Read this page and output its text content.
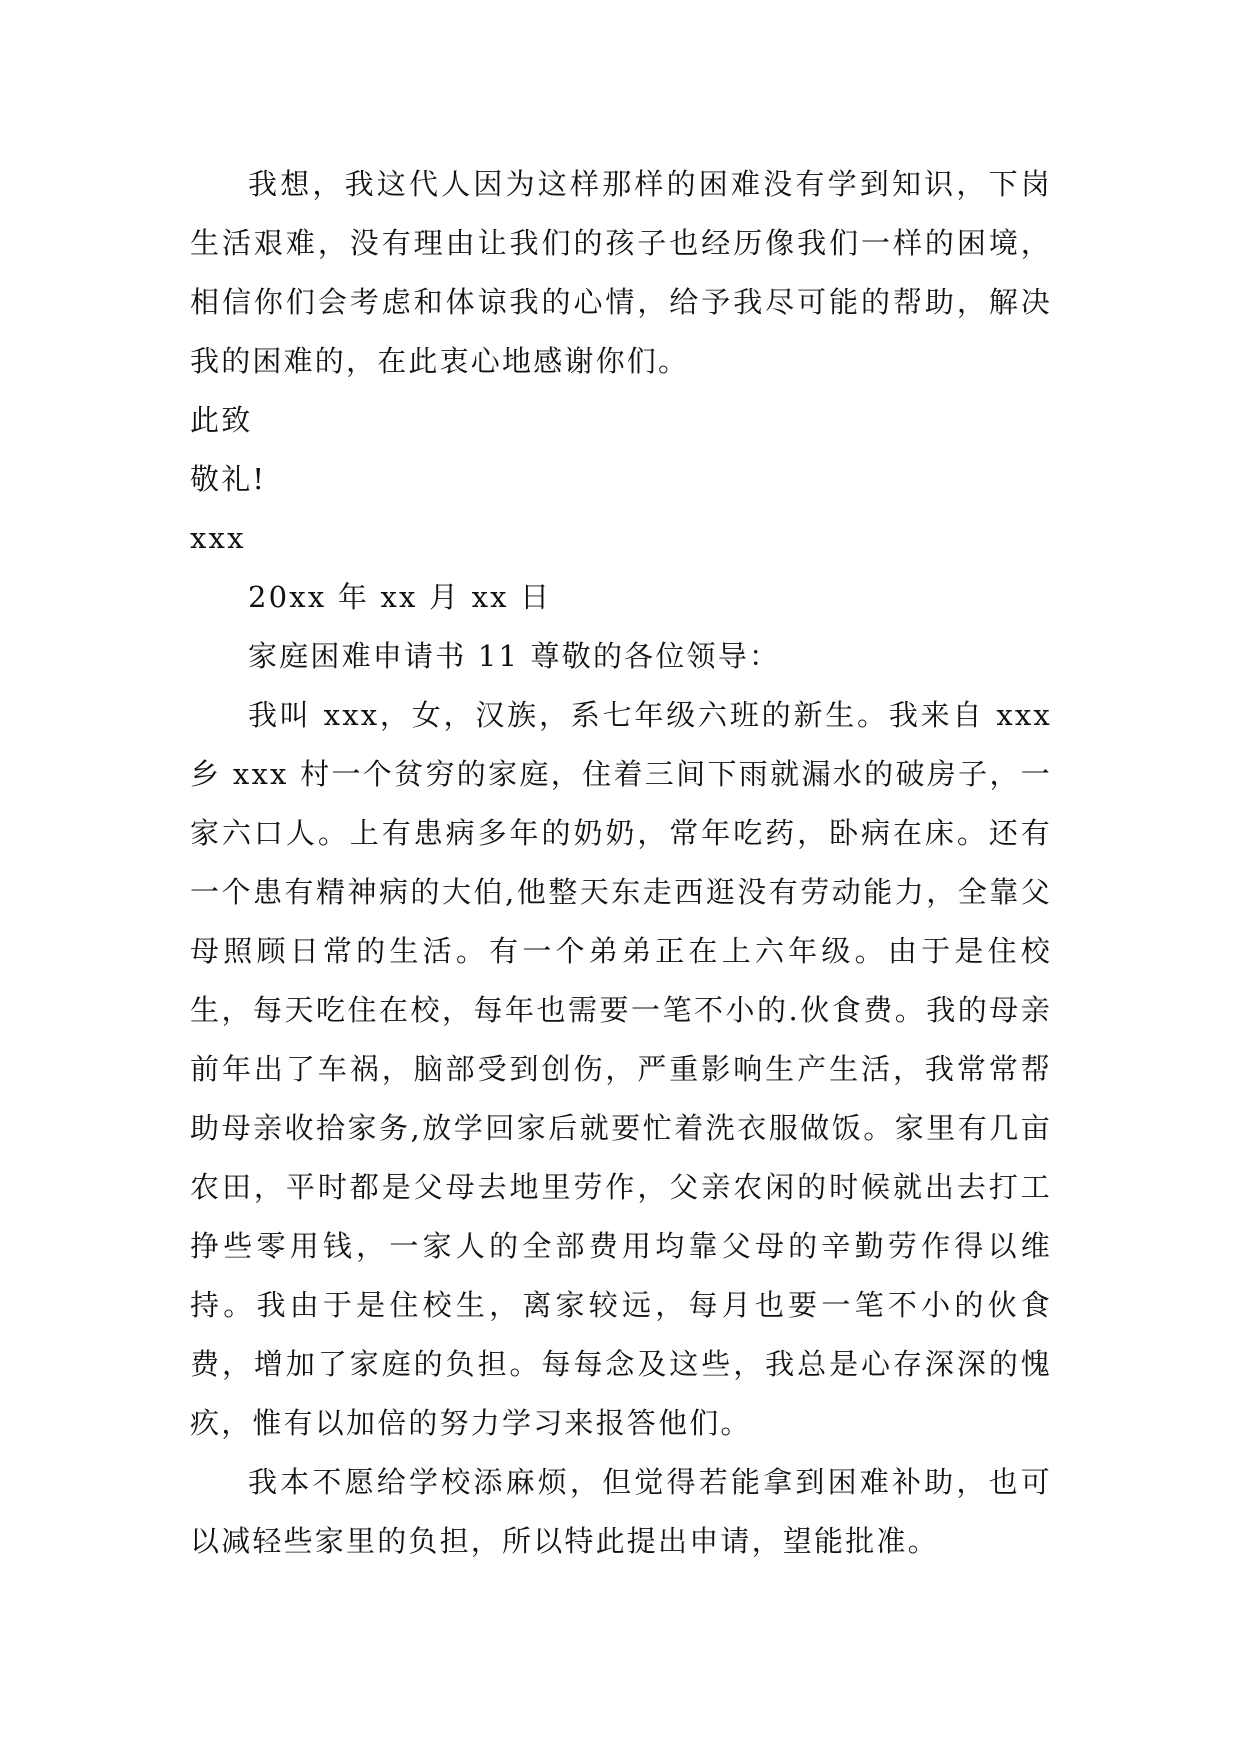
我想，我这代人因为这样那样的困难没有学到知识，下岗生活艰难，没有理由让我们的孩子也经历像我们一样的困境，相信你们会考虑和体谅我的心情，给予我尽可能的帮助，解决我的困难的，在此衷心地感谢你们。

此致

敬礼!

xxx

20xx 年 xx 月 xx 日

家庭困难申请书 11 尊敬的各位领导：

我叫 xxx，女，汉族，系七年级六班的新生。我来自 xxx 乡 xxx 村一个贫穷的家庭，住着三间下雨就漏水的破房子，一家六口人。上有患病多年的奶奶，常年吃药，卧病在床。还有一个患有精神病的大伯,他整天东走西逛没有劳动能力，全靠父母照顾日常的生活。有一个弟弟正在上六年级。由于是住校生，每天吃住在校，每年也需要一笔不小的.伙食费。我的母亲前年出了车祸，脑部受到创伤，严重影响生产生活，我常常帮助母亲收拾家务,放学回家后就要忙着洗衣服做饭。家里有几亩农田，平时都是父母去地里劳作，父亲农闲的时候就出去打工挣些零用钱，一家人的全部费用均靠父母的辛勤劳作得以维持。我由于是住校生，离家较远，每月也要一笔不小的伙食费，增加了家庭的负担。每每念及这些，我总是心存深深的愧疚，惟有以加倍的努力学习来报答他们。

我本不愿给学校添麻烦，但觉得若能拿到困难补助，也可以减轻些家里的负担，所以特此提出申请，望能批准。
